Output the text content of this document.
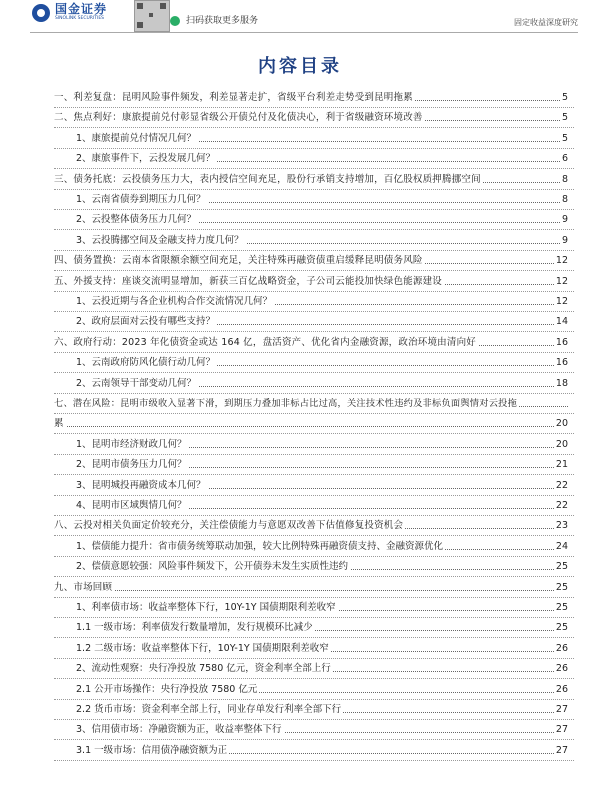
国金证券
SINOLINK SECURITIES	扫码获取更多服务	固定收益深度研究
内容目录
一、利差复盘：昆明风险事件频发，利差显著走扩，省级平台利差走势受到昆明拖累	5
二、焦点利好：康旅提前兑付彰显省级公开债兑付及化债决心，利于省级融资环境改善	5
1、康旅提前兑付情况几何？	5
2、康旅事件下，云投发展几何？	6
三、债务托底：云投债务压力大，表内授信空间充足，股份行承销支持增加，百亿股权质押腾挪空间	8
1、云南省债券到期压力几何？	8
2、云投整体债务压力几何？	9
3、云投腾挪空间及金融支持力度几何？	9
四、债务置换：云南本省限额余额空间充足，关注特殊再融资债重启缓释昆明债务风险	12
五、外援支持：座谈交流明显增加，新获三百亿战略资金，子公司云能投加快绿色能源建设	12
1、云投近期与各企业机构合作交流情况几何？	12
2、政府层面对云投有哪些支持？	14
六、政府行动：2023 年化债资金或达 164 亿，盘活资产、优化省内金融资源，政治环境由清向好	16
1、云南政府防风化债行动几何？	16
2、云南领导干部变动几何？	18
七、潜在风险：昆明市级收入显著下滑，到期压力叠加非标占比过高，关注技术性违约及非标负面舆情对云投拖
累	20
1、昆明市经济财政几何？	20
2、昆明市债务压力几何？	21
3、昆明城投再融资成本几何？	22
4、昆明市区域舆情几何？	22
八、云投对相关负面定价较充分，关注偿债能力与意愿双改善下估值修复投资机会	23
1、偿债能力提升：省市债务统筹联动加强，较大比例特殊再融资债支持、金融资源优化	24
2、偿债意愿较强：风险事件频发下，公开债券未发生实质性违约	25
九、市场回顾	25
1、利率债市场：收益率整体下行，10Y-1Y 国债期限利差收窄	25
1.1 一级市场：利率债发行数量增加，发行规模环比减少	25
1.2 二级市场：收益率整体下行，10Y-1Y 国债期限利差收窄	26
2、流动性观察：央行净投放 7580 亿元，资金利率全部上行	26
2.1 公开市场操作：央行净投放 7580 亿元	26
2.2 货币市场：资金利率全部上行，同业存单发行利率全部下行	27
3、信用债市场：净融资额为正，收益率整体下行	27
3.1 一级市场：信用债净融资额为正	27
